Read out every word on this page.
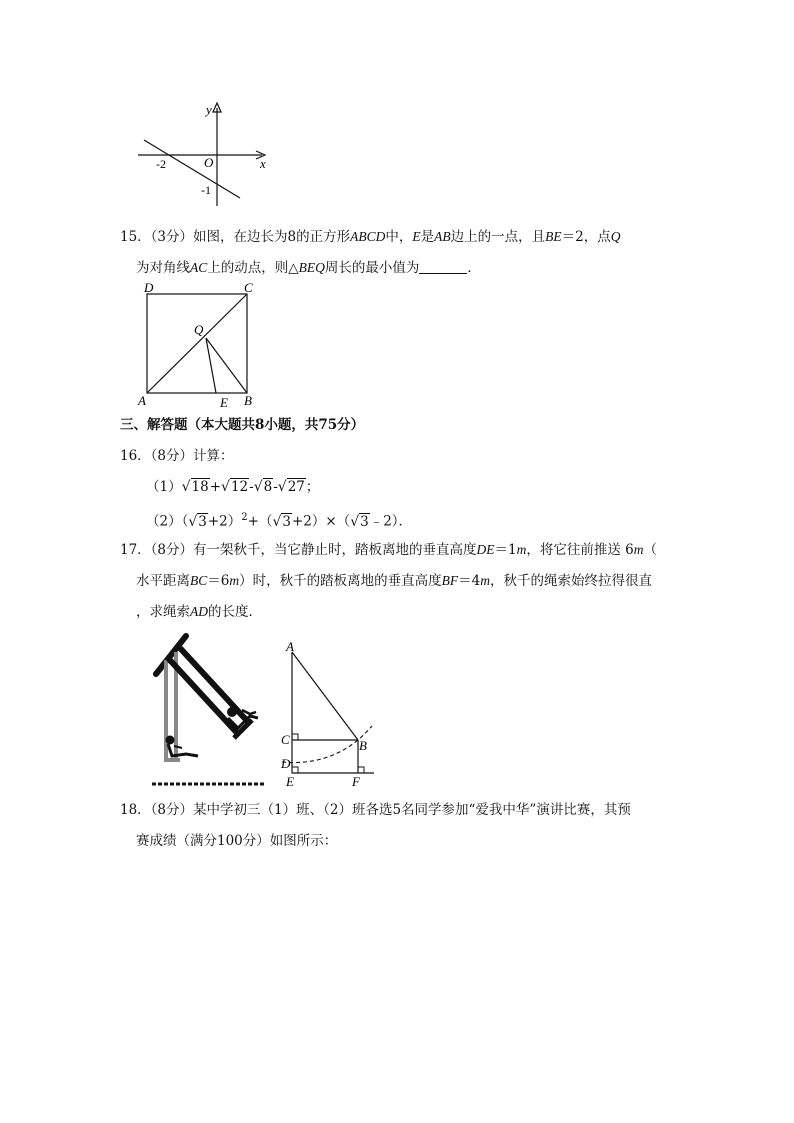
y
x
O
-2
-1
15．（3分）如图，在边长为8的正方形ABCD中，E是AB边上的一点，且BE＝2，点Q
为对角线AC上的动点，则△BEQ周长的最小值为	．
D	C
Q
A	E B
三、解答题（本大题共8小题，共75分）
16．（8分）计算：
（1）√18+√12-√8-√27；
$(2)(√3+2)^2+(√3+2)\times(√3﹣2)$．
17．（8分）有一架秋千，当它静止时，踏板离地的垂直高度DE＝1m，将它往前推送 6m（
水平距离BC＝6m）时，秋千的踏板离地的垂直高度BF＝4m，秋千的绳索始终拉得很直
，求绳索AD的长度．
A
C	B
D
E	F
18．（8分）某中学初三（1）班、（2）班各选5名同学参加“爱我中华”演讲比赛，其预
赛成绩（满分100分）如图所示：
